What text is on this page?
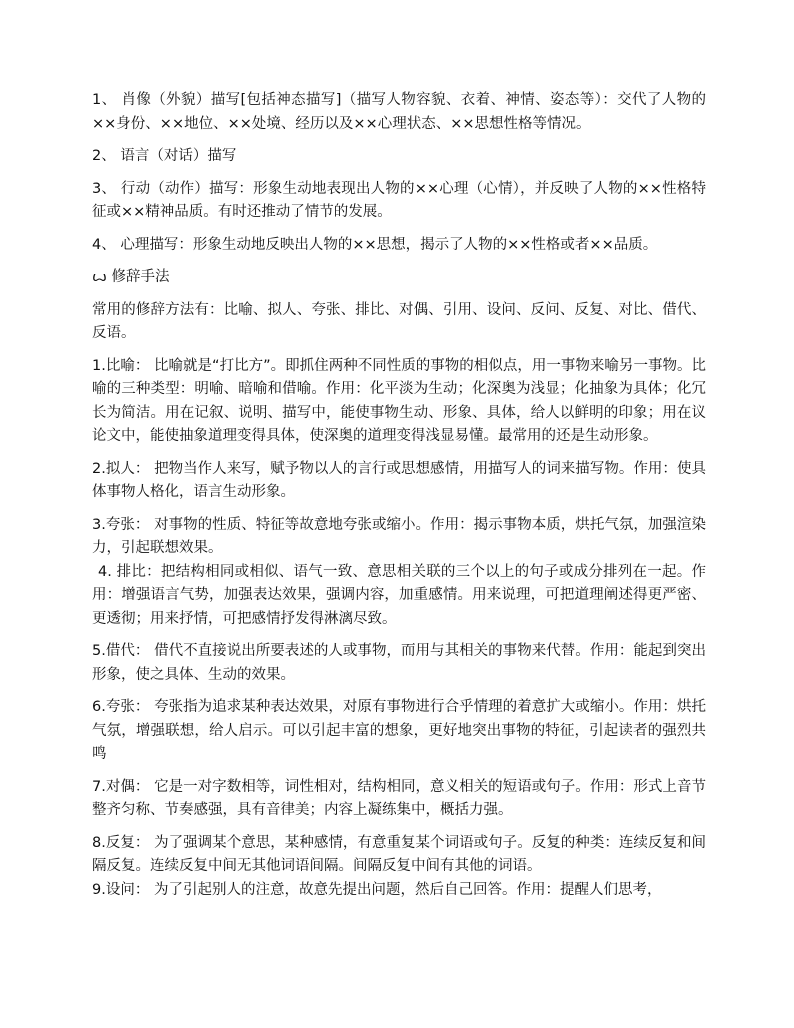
1、 肖像（外貌）描写[包括神态描写]（描写人物容貌、衣着、神情、姿态等）：交代了人物的××身份、××地位、××处境、经历以及××心理状态、××思想性格等情况。

2、 语言（对话）描写

3、 行动（动作）描写：形象生动地表现出人物的××心理（心情），并反映了人物的××性格特征或××精神品质。有时还推动了情节的发展。

4、 心理描写：形象生动地反映出人物的××思想，揭示了人物的××性格或者××品质。

ꙍ 修辞手法

常用的修辞方法有：比喻、拟人、夸张、排比、对偶、引用、设问、反问、反复、对比、借代、反语。

1.比喻： 比喻就是“打比方”。即抓住两种不同性质的事物的相似点，用一事物来喻另一事物。比喻的三种类型：明喻、暗喻和借喻。作用：化平淡为生动；化深奥为浅显；化抽象为具体；化冗长为简洁。用在记叙、说明、描写中，能使事物生动、形象、具体，给人以鲜明的印象；用在议论文中，能使抽象道理变得具体，使深奥的道理变得浅显易懂。最常用的还是生动形象。

2.拟人： 把物当作人来写，赋予物以人的言行或思想感情，用描写人的词来描写物。作用：使具体事物人格化，语言生动形象。

3.夸张： 对事物的性质、特征等故意地夸张或缩小。作用：揭示事物本质，烘托气氛，加强渲染力，引起联想效果。

4. 排比：把结构相同或相似、语气一致、意思相关联的三个以上的句子或成分排列在一起。作用：增强语言气势，加强表达效果，强调内容，加重感情。用来说理，可把道理阐述得更严密、更透彻；用来抒情，可把感情抒发得淋漓尽致。

5.借代： 借代不直接说出所要表述的人或事物，而用与其相关的事物来代替。作用：能起到突出形象，使之具体、生动的效果。

6.夸张： 夸张指为追求某种表达效果，对原有事物进行合乎情理的着意扩大或缩小。作用：烘托气氛，增强联想，给人启示。可以引起丰富的想象，更好地突出事物的特征，引起读者的强烈共鸣

7.对偶： 它是一对字数相等，词性相对，结构相同，意义相关的短语或句子。作用：形式上音节整齐匀称、节奏感强，具有音律美；内容上凝练集中，概括力强。

8.反复： 为了强调某个意思，某种感情，有意重复某个词语或句子。反复的种类：连续反复和间隔反复。连续反复中间无其他词语间隔。间隔反复中间有其他的词语。

9.设问： 为了引起别人的注意，故意先提出问题，然后自己回答。作用：提醒人们思考，
